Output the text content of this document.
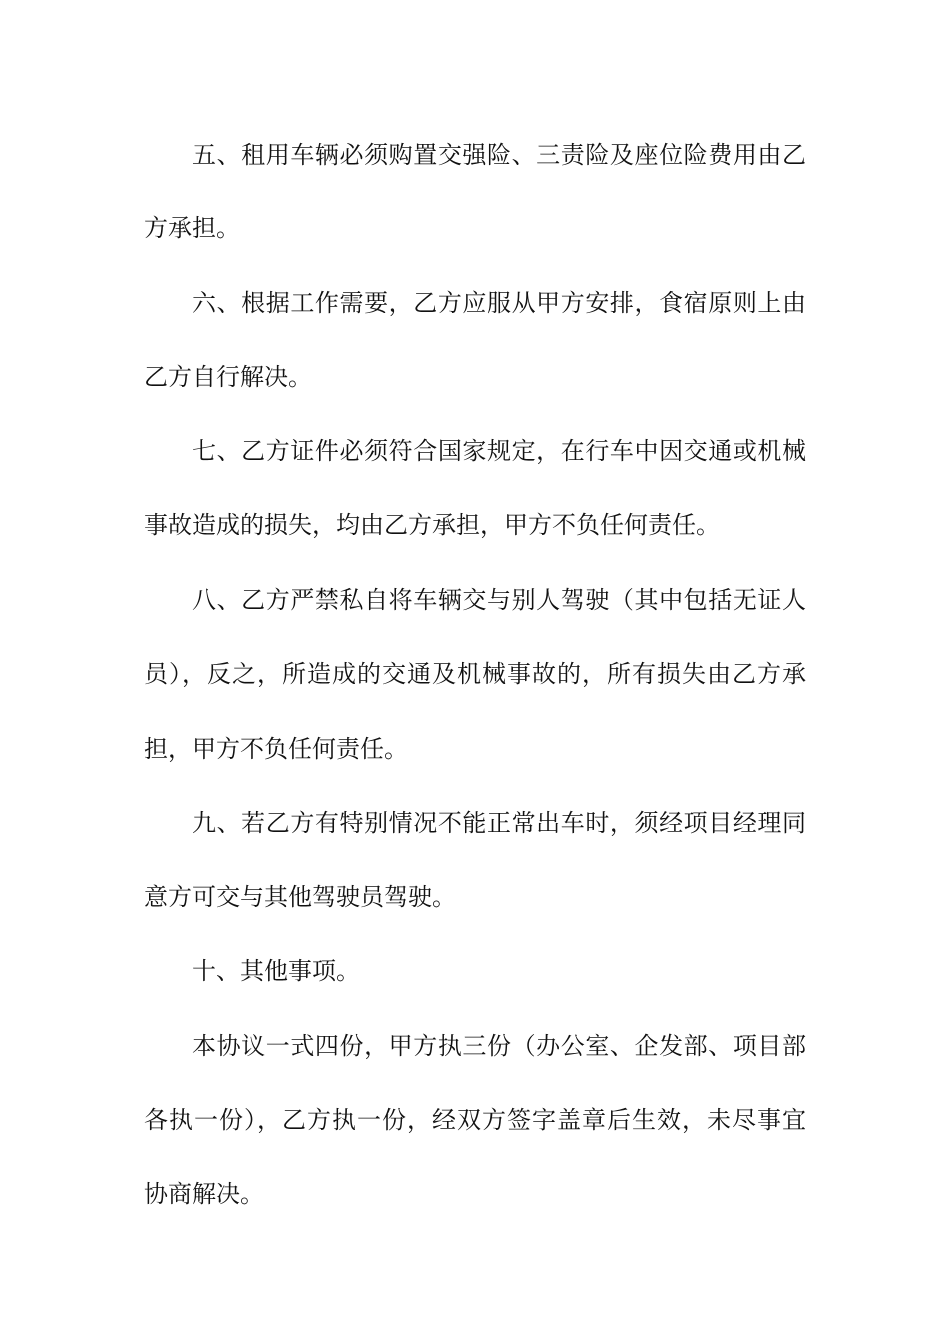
五、租用车辆必须购置交强险、三责险及座位险费用由乙
方承担。
六、根据工作需要，乙方应服从甲方安排，食宿原则上由
乙方自行解决。
七、乙方证件必须符合国家规定，在行车中因交通或机械
事故造成的损失，均由乙方承担，甲方不负任何责任。
八、乙方严禁私自将车辆交与别人驾驶（其中包括无证人
员），反之，所造成的交通及机械事故的，所有损失由乙方承
担，甲方不负任何责任。
九、若乙方有特别情况不能正常出车时，须经项目经理同
意方可交与其他驾驶员驾驶。
十、其他事项。
本协议一式四份，甲方执三份（办公室、企发部、项目部
各执一份），乙方执一份，经双方签字盖章后生效，未尽事宜
协商解决。
